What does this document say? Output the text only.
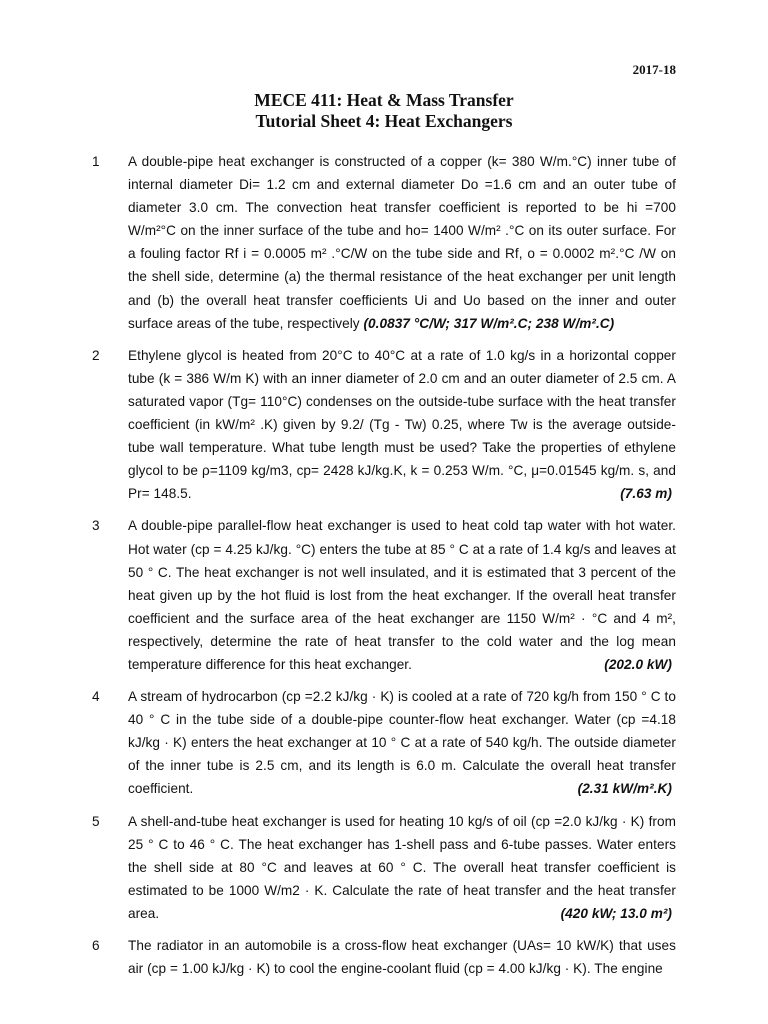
2017-18
MECE 411: Heat & Mass Transfer
Tutorial Sheet 4: Heat Exchangers
1 A double-pipe heat exchanger is constructed of a copper (k= 380 W/m.°C) inner tube of internal diameter Di= 1.2 cm and external diameter Do =1.6 cm and an outer tube of diameter 3.0 cm. The convection heat transfer coefficient is reported to be hi =700 W/m²°C on the inner surface of the tube and ho= 1400 W/m² .°C on its outer surface. For a fouling factor Rf i = 0.0005 m² .°C/W on the tube side and Rf, o = 0.0002 m².°C /W on the shell side, determine (a) the thermal resistance of the heat exchanger per unit length and (b) the overall heat transfer coefficients Ui and Uo based on the inner and outer surface areas of the tube, respectively (0.0837 °C/W; 317 W/m².C; 238 W/m².C)
2 Ethylene glycol is heated from 20°C to 40°C at a rate of 1.0 kg/s in a horizontal copper tube (k = 386 W/m K) with an inner diameter of 2.0 cm and an outer diameter of 2.5 cm. A saturated vapor (Tg= 110°C) condenses on the outside-tube surface with the heat transfer coefficient (in kW/m² .K) given by 9.2/ (Tg - Tw) 0.25, where Tw is the average outside-tube wall temperature. What tube length must be used? Take the properties of ethylene glycol to be ρ=1109 kg/m3, cp= 2428 kJ/kg.K, k = 0.253 W/m. °C, μ=0.01545 kg/m. s, and Pr= 148.5.	(7.63 m)
3 A double-pipe parallel-flow heat exchanger is used to heat cold tap water with hot water. Hot water (cp = 4.25 kJ/kg. °C) enters the tube at 85 ° C at a rate of 1.4 kg/s and leaves at 50 ° C. The heat exchanger is not well insulated, and it is estimated that 3 percent of the heat given up by the hot fluid is lost from the heat exchanger. If the overall heat transfer coefficient and the surface area of the heat exchanger are 1150 W/m² · °C and 4 m², respectively, determine the rate of heat transfer to the cold water and the log mean temperature difference for this heat exchanger.	(202.0 kW)
4 A stream of hydrocarbon (cp =2.2 kJ/kg · K) is cooled at a rate of 720 kg/h from 150 ° C to 40 ° C in the tube side of a double-pipe counter-flow heat exchanger. Water (cp =4.18 kJ/kg · K) enters the heat exchanger at 10 ° C at a rate of 540 kg/h. The outside diameter of the inner tube is 2.5 cm, and its length is 6.0 m. Calculate the overall heat transfer coefficient.	(2.31 kW/m².K)
5 A shell-and-tube heat exchanger is used for heating 10 kg/s of oil (cp =2.0 kJ/kg · K) from 25 ° C to 46 ° C. The heat exchanger has 1-shell pass and 6-tube passes. Water enters the shell side at 80 °C and leaves at 60 ° C. The overall heat transfer coefficient is estimated to be 1000 W/m2 · K. Calculate the rate of heat transfer and the heat transfer area.	(420 kW; 13.0 m²)
6 The radiator in an automobile is a cross-flow heat exchanger (UAs= 10 kW/K) that uses air (cp = 1.00 kJ/kg · K) to cool the engine-coolant fluid (cp = 4.00 kJ/kg · K). The engine
